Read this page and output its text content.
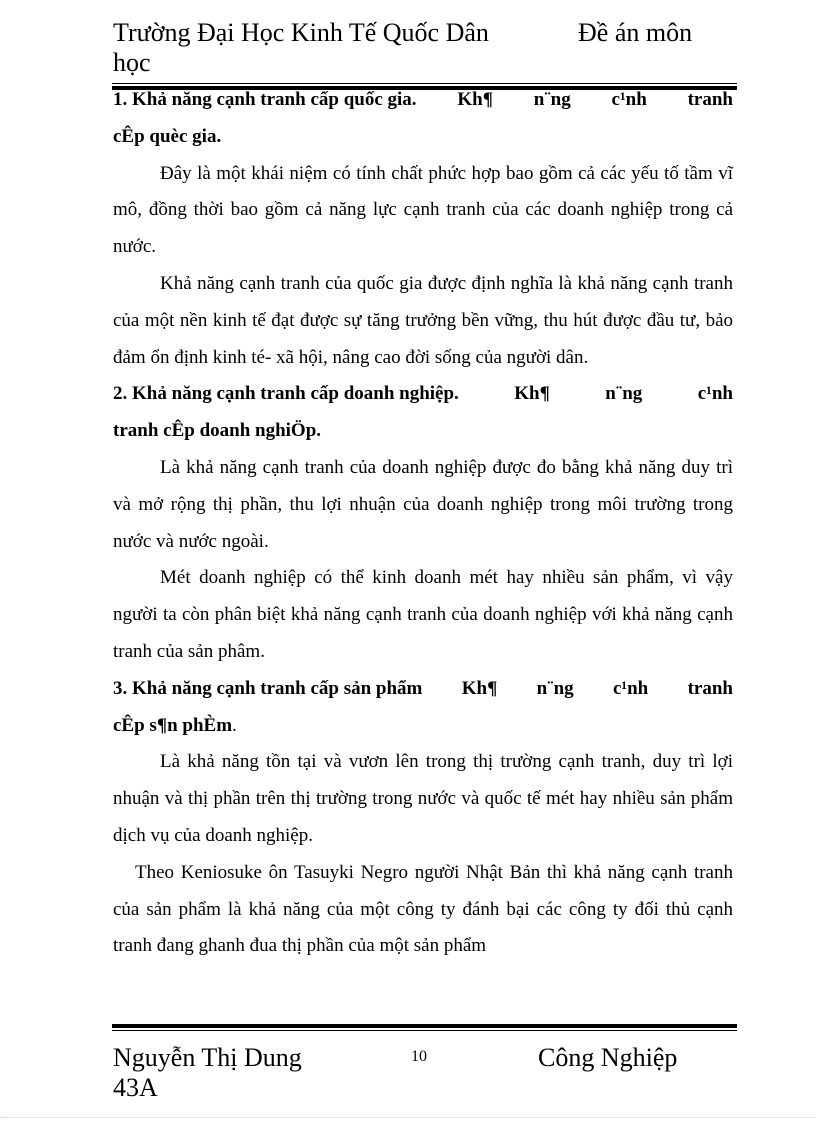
Trường Đại Học Kinh Tế Quốc Dân
học
Đề án môn

1. Khả năng cạnh tranh cấp quốc gia. Kh¶ n¨ng c¹nh tranh

cÊp quèc gia.

Đây là một khái niệm có tính chất phức hợp bao gồm cả các yếu tố tầm vĩ mô, đồng thời bao gồm cả năng lực cạnh tranh của các doanh nghiệp trong cả nước.

Khả năng cạnh tranh của quốc gia được định nghĩa là khả năng cạnh tranh của một nền kinh tế đạt được sự tăng trưởng bền vững, thu hút được đầu tư, bảo đảm ổn định kinh té- xã hội, nâng cao đời sống của người dân.

2. Khả năng cạnh tranh cấp doanh nghiệp.	Kh¶	n¨ng	c¹nh

tranh cÊp doanh nghiÖp.

Là khả năng cạnh tranh của doanh nghiệp được đo bằng khả năng duy trì và mở rộng thị phần, thu lợi nhuận của doanh nghiệp trong môi trường trong nước và nước ngoài.

Mét doanh nghiệp có thể kinh doanh mét hay nhiều sản phẩm, vì vậy người ta còn phân biệt khả năng cạnh tranh của doanh nghiệp với khả năng cạnh tranh của sản phâm.

3. Khả năng cạnh tranh cấp sản phẩm Kh¶ n¨ng c¹nh tranh

cÊp s¶n phÈm.

Là khả năng tồn tại và vươn lên trong thị trường cạnh tranh, duy trì lợi nhuận và thị phần trên thị trường trong nước và quốc tế mét hay nhiều sản phẩm dịch vụ của doanh nghiệp.

Theo Keniosuke ôn Tasuyki Negro người Nhật Bản thì khả năng cạnh tranh của sản phẩm là khả năng của một công ty đánh bại các công ty đối thủ cạnh tranh đang ghanh đua thị phần của một sản phẩm

Nguyễn Thị Dung
43A
10	Công Nghiệp
